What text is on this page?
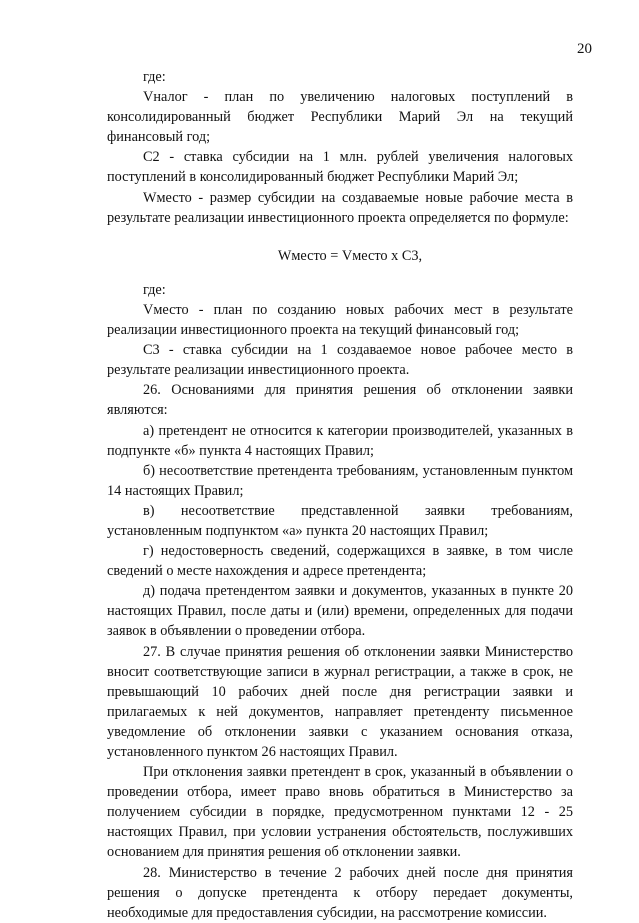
20

где:

Vналог - план по увеличению налоговых поступлений в консолидированный бюджет Республики Марий Эл на текущий финансовый год;

С2 - ставка субсидии на 1 млн. рублей увеличения налоговых поступлений в консолидированный бюджет Республики Марий Эл;

Wместо - размер субсидии на создаваемые новые рабочие места в результате реализации инвестиционного проекта определяется по формуле:

Wместо = Vместо х С3,

где:

Vместо - план по созданию новых рабочих мест в результате реализации инвестиционного проекта на текущий финансовый год;

С3 - ставка субсидии на 1 создаваемое новое рабочее место в результате реализации инвестиционного проекта.

26. Основаниями для принятия решения об отклонении заявки являются:

а) претендент не относится к категории производителей, указанных в подпункте «б» пункта 4 настоящих Правил;

б) несоответствие претендента требованиям, установленным пунктом 14 настоящих Правил;

в) несоответствие представленной заявки требованиям, установленным подпунктом «а» пункта 20 настоящих Правил;

г) недостоверность сведений, содержащихся в заявке, в том числе сведений о месте нахождения и адресе претендента;

д) подача претендентом заявки и документов, указанных в пункте 20 настоящих Правил, после даты и (или) времени, определенных для подачи заявок в объявлении о проведении отбора.

27. В случае принятия решения об отклонении заявки Министерство вносит соответствующие записи в журнал регистрации, а также в срок, не превышающий 10 рабочих дней после дня регистрации заявки и прилагаемых к ней документов, направляет претенденту письменное уведомление об отклонении заявки с указанием основания отказа, установленного пунктом 26 настоящих Правил.

При отклонения заявки претендент в срок, указанный в объявлении о проведении отбора, имеет право вновь обратиться в Министерство за получением субсидии в порядке, предусмотренном пунктами 12 - 25 настоящих Правил, при условии устранения обстоятельств, послуживших основанием для принятия решения об отклонении заявки.

28. Министерство в течение 2 рабочих дней после дня принятия решения о допуске претендента к отбору передает документы, необходимые для предоставления субсидии, на рассмотрение комиссии.
